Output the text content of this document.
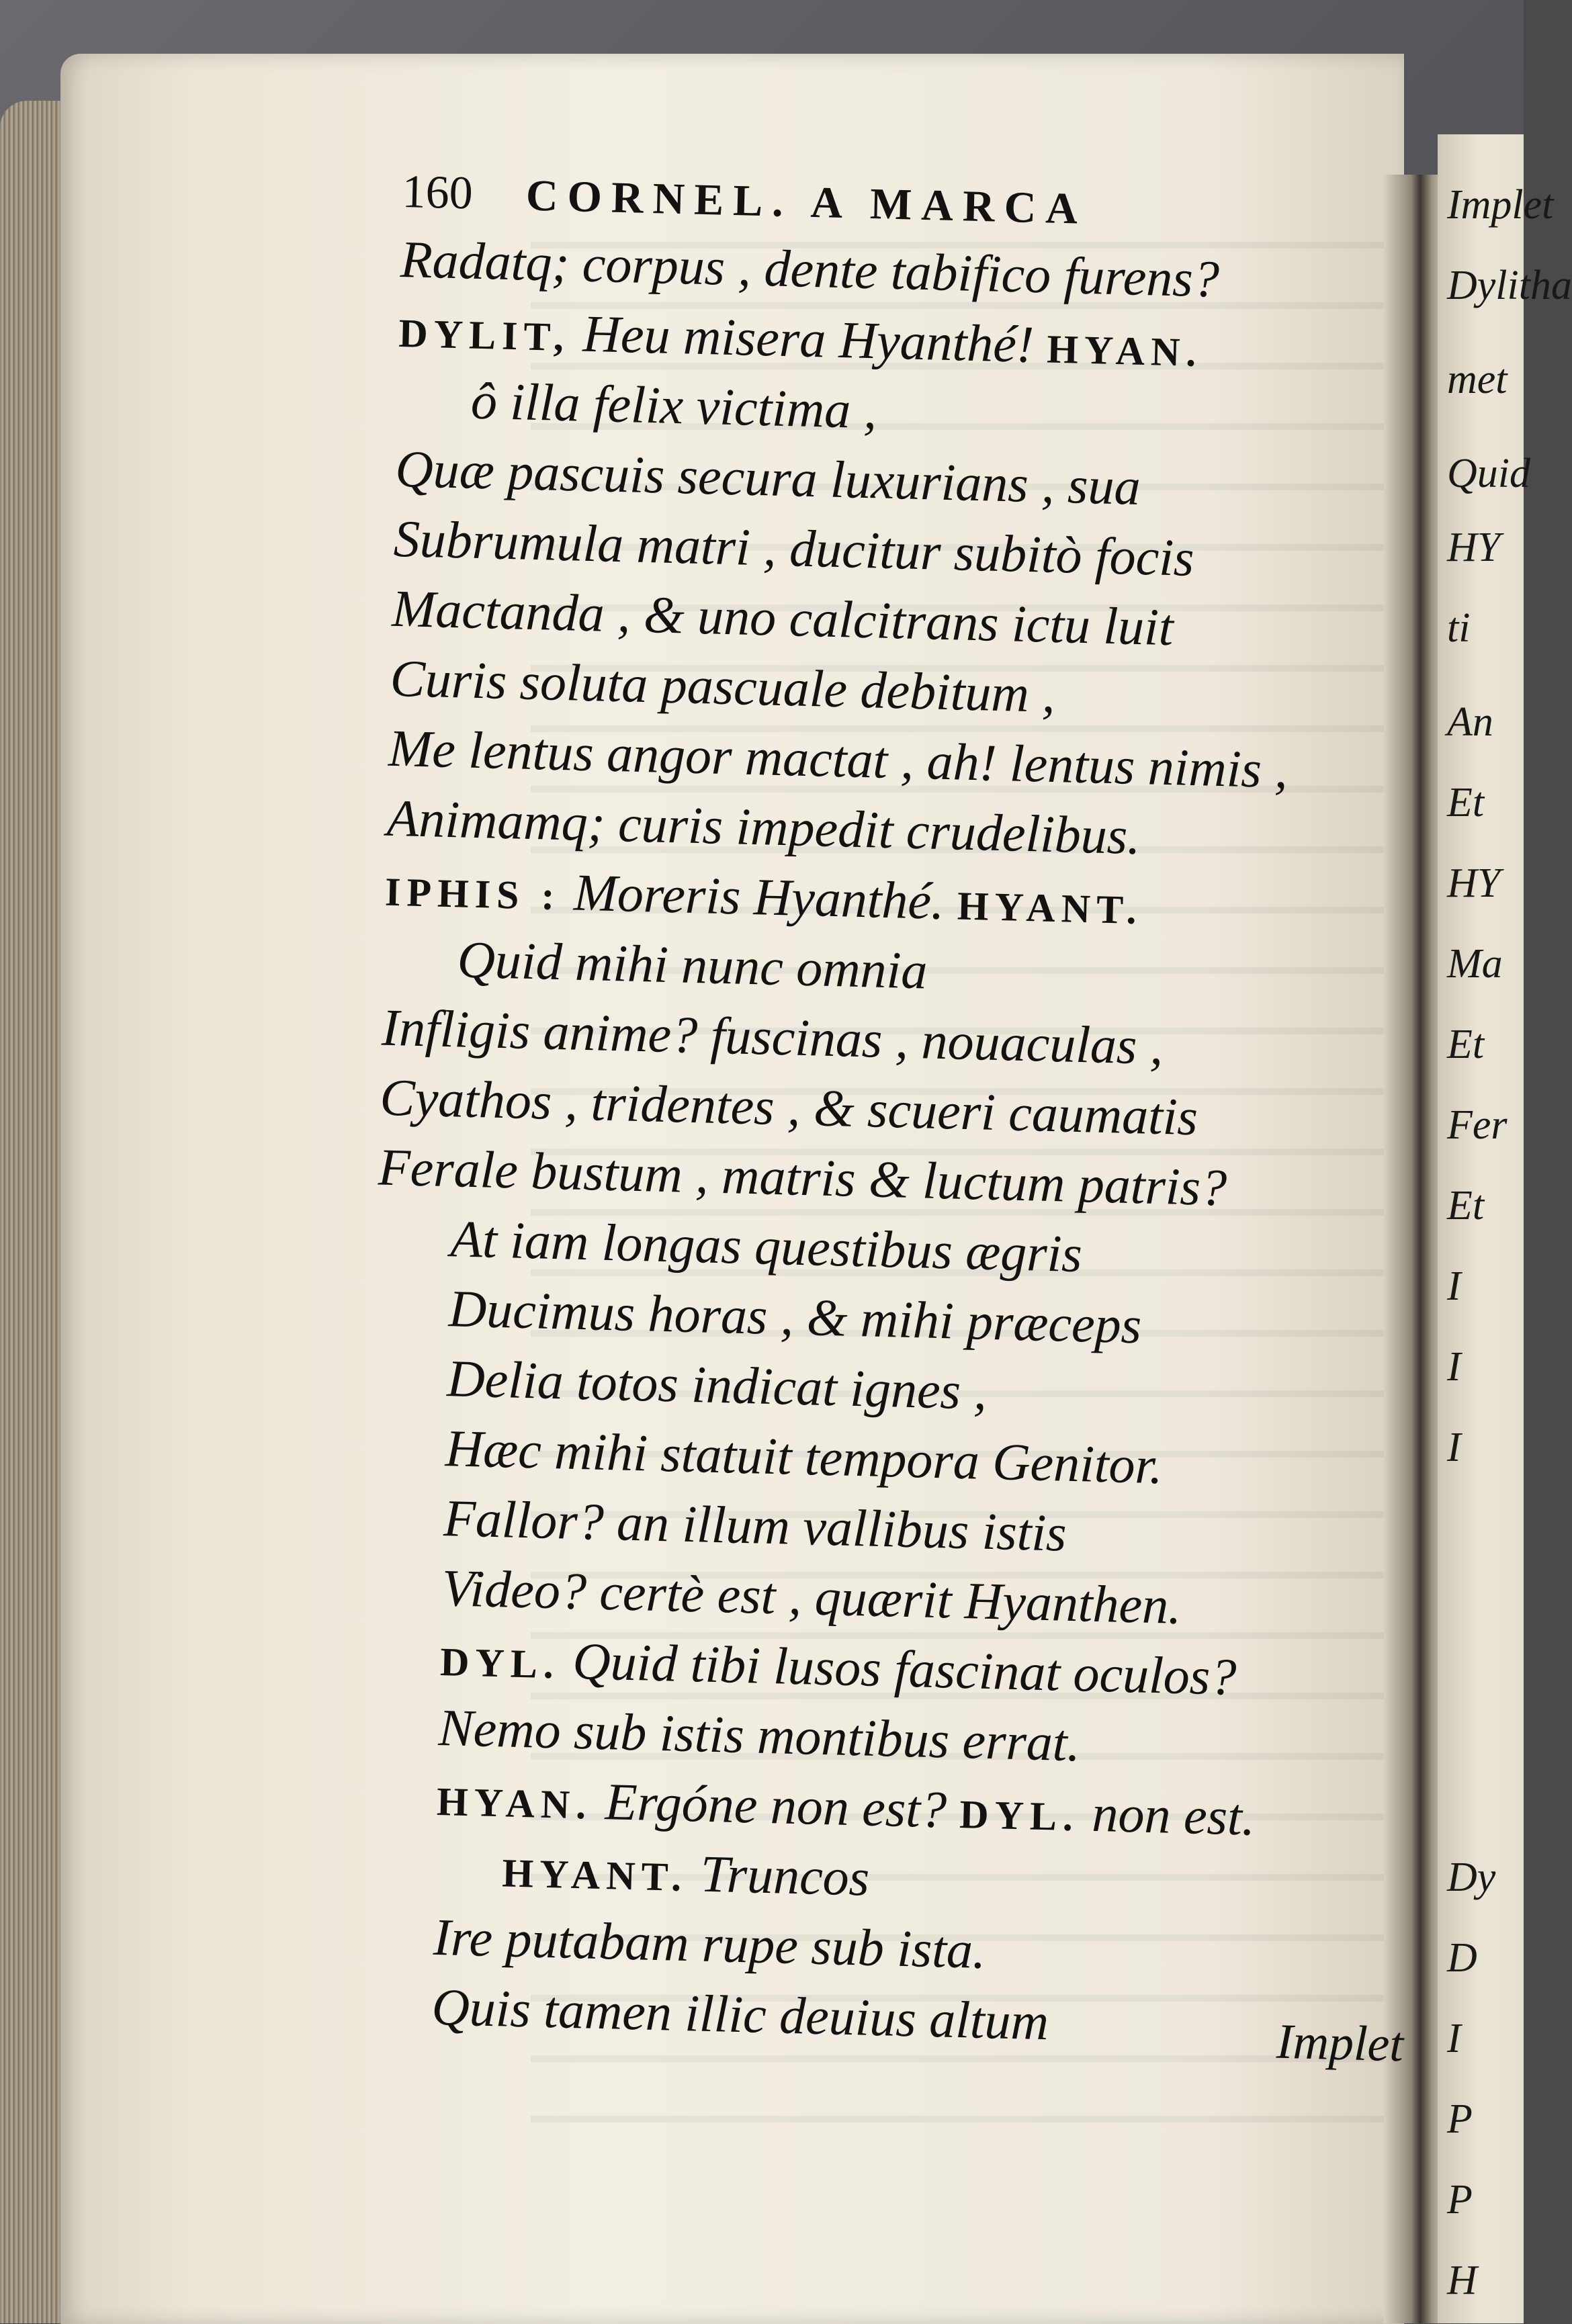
Implet
Dylitha
met
Quid
HY
ti
An
Et
HY
Ma
Et
Fer
Et
I
I
I
Dy
D
I
P
P
H
160 CORNEL. A MARCA
Radatq; corpus , dente tabifico furens?
DYLIT, Heu misera Hyanthé! HYAN.
ô illa felix victima ,
Quæ pascuis secura luxurians , sua
Subrumula matri , ducitur subitò focis
Mactanda , & uno calcitrans ictu luit
Curis soluta pascuale debitum ,
Me lentus angor mactat , ah! lentus nimis ,
Animamq; curis impedit crudelibus.
IPHIS : Moreris Hyanthé. HYANT.
Quid mihi nunc omnia
Infligis anime? fuscinas , nouaculas ,
Cyathos , tridentes , & scueri caumatis
Ferale bustum , matris & luctum patris?
At iam longas questibus ægris
Ducimus horas , & mihi præceps
Delia totos indicat ignes ,
Hæc mihi statuit tempora Genitor.
Fallor? an illum vallibus istis
Video? certè est , quærit Hyanthen.
DYL. Quid tibi lusos fascinat oculos?
Nemo sub istis montibus errat.
HYAN. Ergóne non est? DYL. non est.
HYANT. Truncos
Ire putabam rupe sub ista.
Quis tamen illic deuius altum	Implet
